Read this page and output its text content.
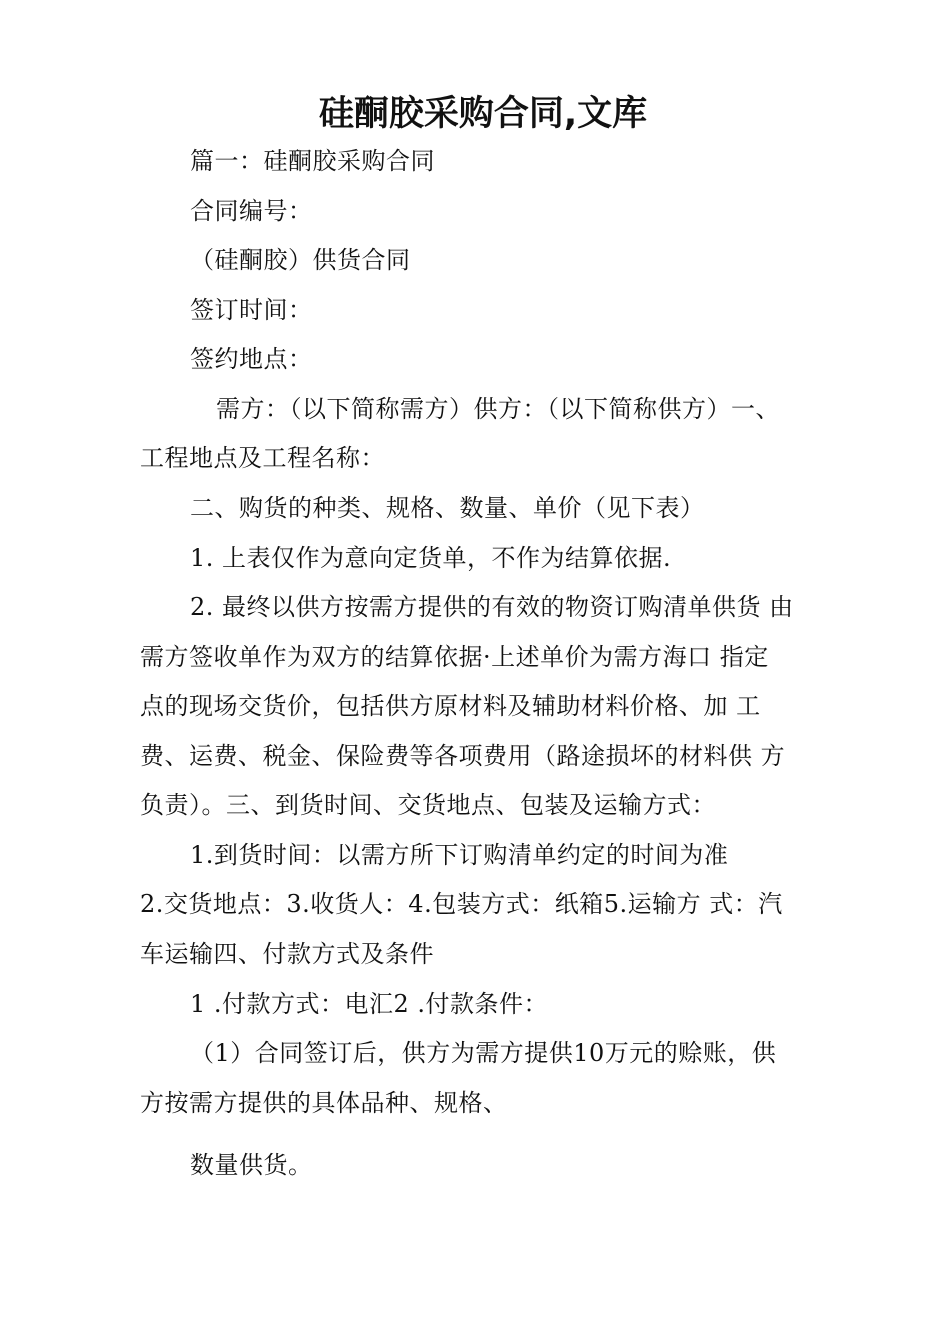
硅酮胶采购合同,文库
篇一：硅酮胶采购合同
合同编号：
（硅酮胶）供货合同
签订时间：
签约地点：
需方：（以下简称需方）供方：（以下简称供方）一、
工程地点及工程名称：
二、购货的种类、规格、数量、单价（见下表）
1. 上表仅作为意向定货单，不作为结算依据.
2. 最终以供方按需方提供的有效的物资订购清单供货 由
需方签收单作为双方的结算依据·上述单价为需方海口 指定
点的现场交货价，包括供方原材料及辅助材料价格、加 工
费、运费、税金、保险费等各项费用（路途损坏的材料供 方
负责）。三、到货时间、交货地点、包装及运输方式：
1.到货时间：以需方所下订购清单约定的时间为准
2.交货地点：3.收货人：4.包装方式：纸箱5.运输方 式：汽
车运输四、付款方式及条件
1 .付款方式：电汇2 .付款条件：
（1）合同签订后，供方为需方提供10万元的赊账，供
方按需方提供的具体品种、规格、
数量供货。
